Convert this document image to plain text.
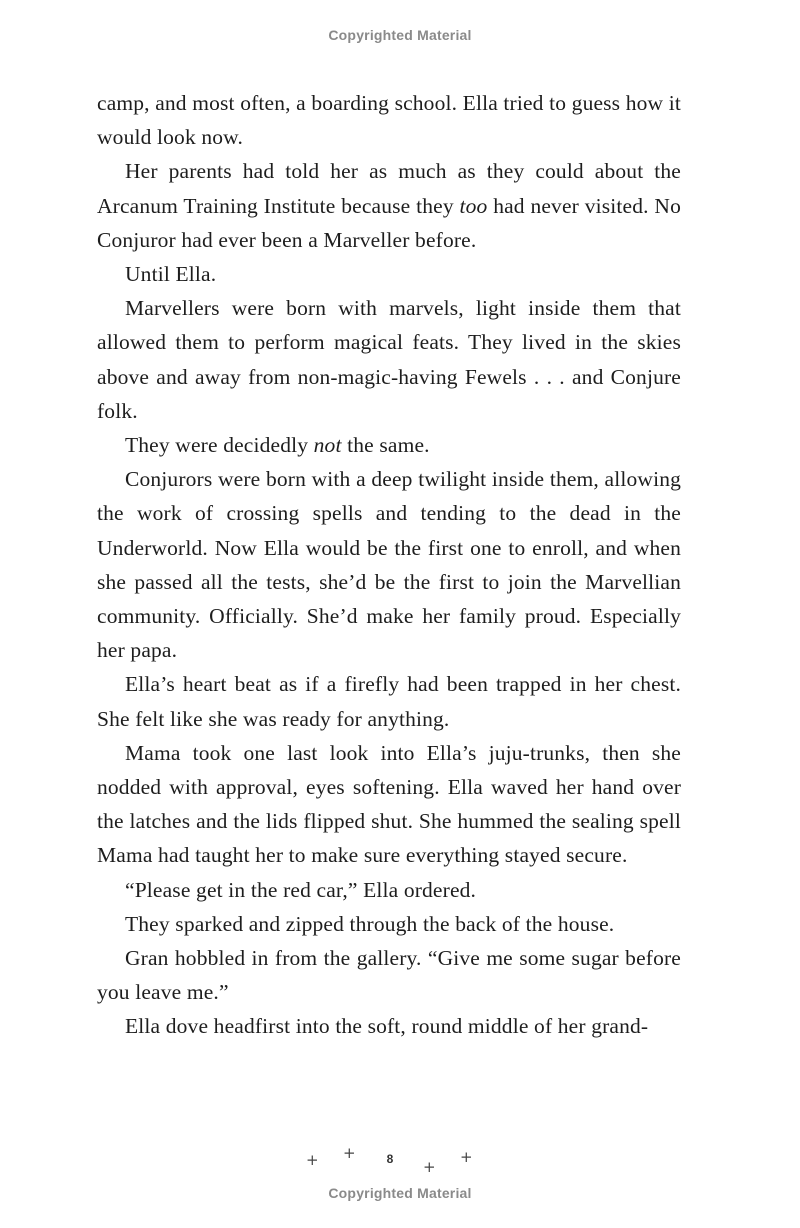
Copyrighted Material

camp, and most often, a boarding school. Ella tried to guess how it would look now.

Her parents had told her as much as they could about the Arcanum Training Institute because they too had never visited. No Conjuror had ever been a Marveller before.

Until Ella.

Marvellers were born with marvels, light inside them that allowed them to perform magical feats. They lived in the skies above and away from non-magic-having Fewels . . . and Conjure folk.

They were decidedly not the same.

Conjurors were born with a deep twilight inside them, allowing the work of crossing spells and tending to the dead in the Underworld. Now Ella would be the first one to enroll, and when she passed all the tests, she’d be the first to join the Marvellian community. Officially. She’d make her family proud. Especially her papa.

Ella’s heart beat as if a firefly had been trapped in her chest. She felt like she was ready for anything.

Mama took one last look into Ella’s juju-trunks, then she nodded with approval, eyes softening. Ella waved her hand over the latches and the lids flipped shut. She hummed the sealing spell Mama had taught her to make sure everything stayed secure.

“Please get in the red car,” Ella ordered.

They sparked and zipped through the back of the house.

Gran hobbled in from the gallery. “Give me some sugar before you leave me.”

Ella dove headfirst into the soft, round middle of her grand-

+ +	8	+
+
Copyrighted Material
